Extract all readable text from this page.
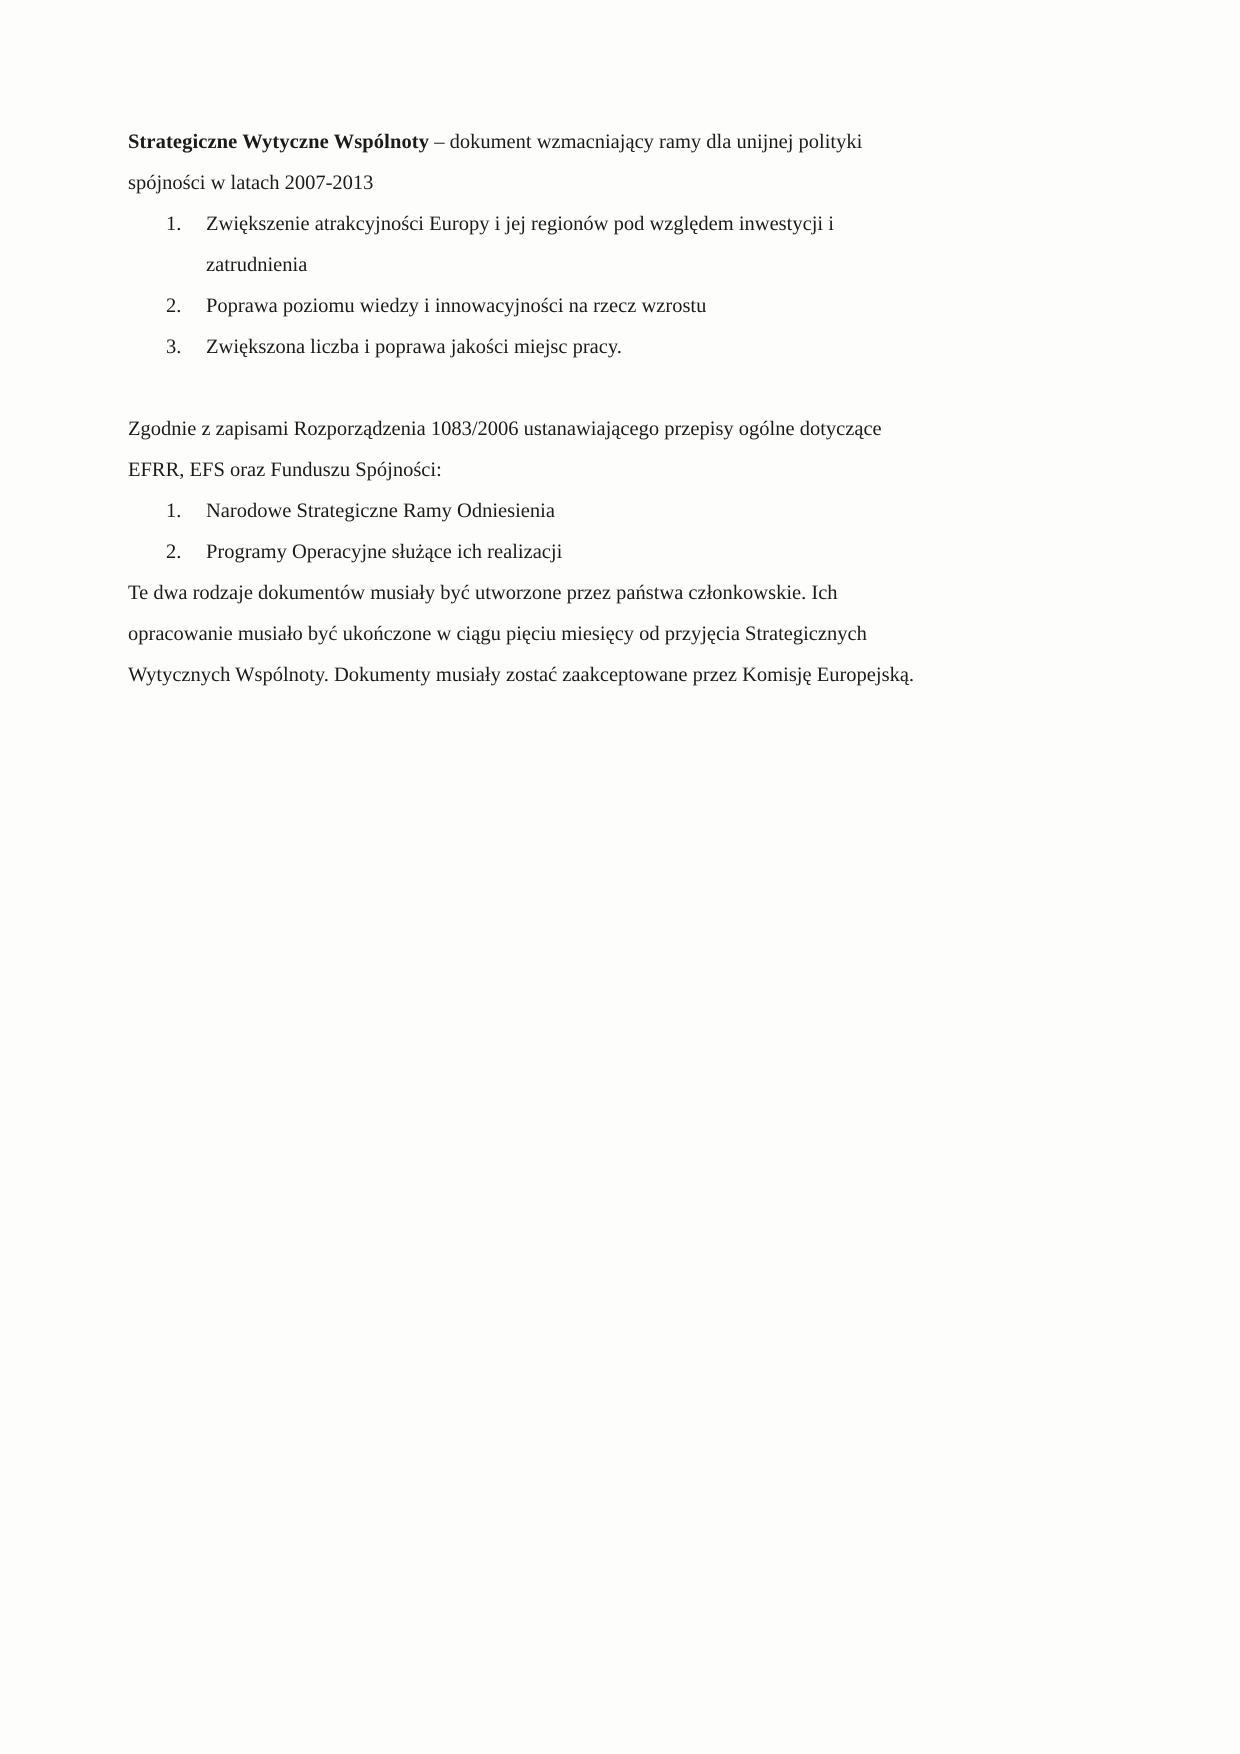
Strategiczne Wytyczne Wspólnoty – dokument wzmacniający ramy dla unijnej polityki spójności w latach 2007-2013

Zwiększenie atrakcyjności Europy i jej regionów pod względem inwestycji i zatrudnienia
Poprawa poziomu wiedzy i innowacyjności na rzecz wzrostu
Zwiększona liczba i poprawa jakości miejsc pracy.

Zgodnie z zapisami Rozporządzenia 1083/2006 ustanawiającego przepisy ogólne dotyczące EFRR, EFS oraz Funduszu Spójności:

Narodowe Strategiczne Ramy Odniesienia
Programy Operacyjne służące ich realizacji

Te dwa rodzaje dokumentów musiały być utworzone przez państwa członkowskie. Ich opracowanie musiało być ukończone w ciągu pięciu miesięcy od przyjęcia Strategicznych Wytycznych Wspólnoty. Dokumenty musiały zostać zaakceptowane przez Komisję Europejską.
